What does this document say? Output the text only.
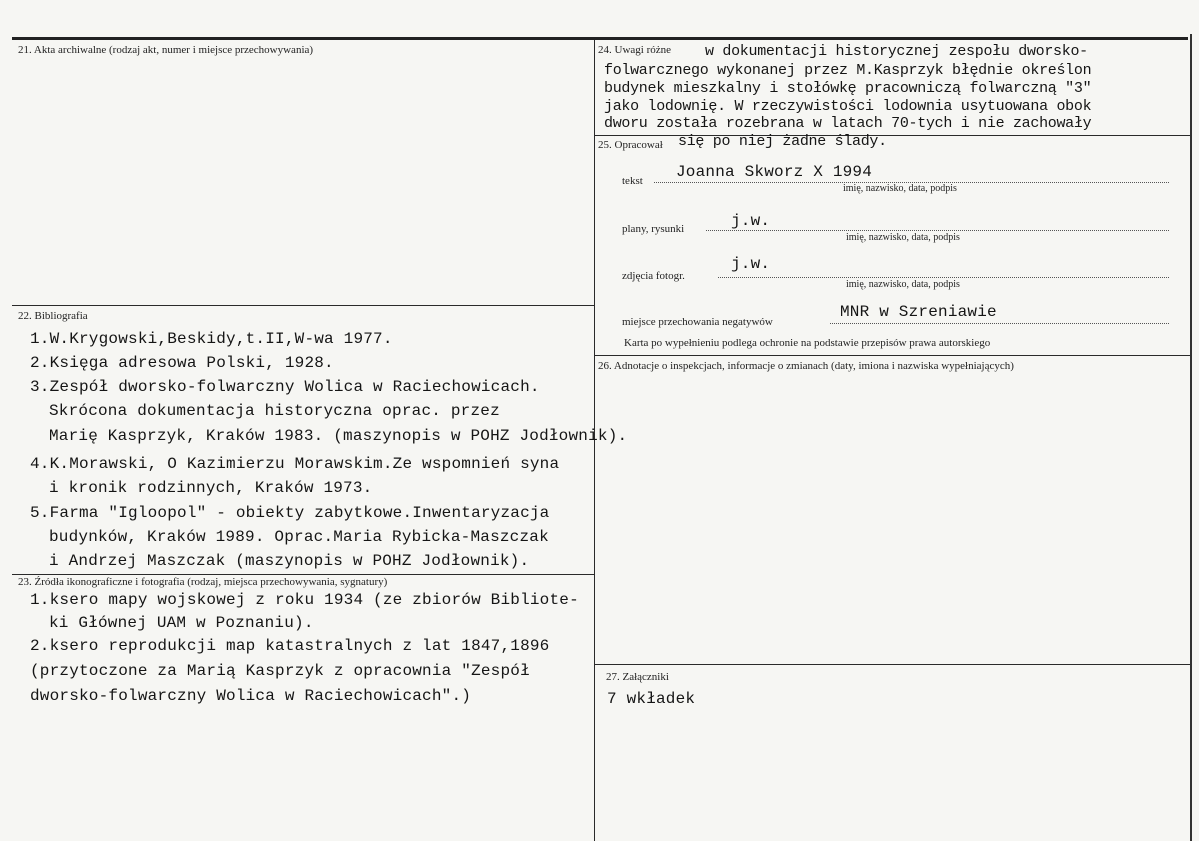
21. Akta archiwalne (rodzaj akt, numer i miejsce przechowywania)
22. Bibliografia
1.W.Krygowski,Beskidy,t.II,W-wa 1977.
2.Księga adresowa Polski, 1928.
3.Zespół dworsko-folwarczny Wolica w Raciechowicach.
Skrócona dokumentacja historyczna oprac. przez
Marię Kasprzyk, Kraków 1983. (maszynopis w POHZ Jodłownik).
4.K.Morawski, O Kazimierzu Morawskim.Ze wspomnień syna
i kronik rodzinnych, Kraków 1973.
5.Farma "Igloopol" - obiekty zabytkowe.Inwentaryzacja
budynków, Kraków 1989. Oprac.Maria Rybicka-Maszczak
i Andrzej Maszczak (maszynopis w POHZ Jodłownik).
23. Źródła ikonograficzne i fotografia (rodzaj, miejsca przechowywania, sygnatury)
1.ksero mapy wojskowej z roku 1934 (ze zbiorów Bibliote-
ki Głównej UAM w Poznaniu).
2.ksero reprodukcji map katastralnych z lat 1847,1896
(przytoczone za Marią Kasprzyk z opracownia "Zespół
dworsko-folwarczny Wolica w Raciechowicach".)
24. Uwagi różne w dokumentacji historycznej zespołu dworsko-
folwarcznego wykonanej przez M.Kasprzyk błędnie określon
budynek mieszkalny i stołówkę pracowniczą folwarczną "3"
jako lodownię. W rzeczywistości lodownia usytuowana obok
dworu została rozebrana w latach 70-tych i nie zachowały
się po niej żadne ślady.
25. Opracował
tekst Joanna Skworz X 1994
imię, nazwisko, data, podpis
plany, rysunki	j.w.
imię, nazwisko, data, podpis
zdjęcia fotogr.
j.w.
imię, nazwisko, data, podpis
miejsce przechowania negatywów
MNR w Szreniawie
Karta po wypełnieniu podlega ochronie na podstawie przepisów prawa autorskiego
26. Adnotacje o inspekcjach, informacje o zmianach (daty, imiona i nazwiska wypełniających)
27. Załączniki
7 wkładek
